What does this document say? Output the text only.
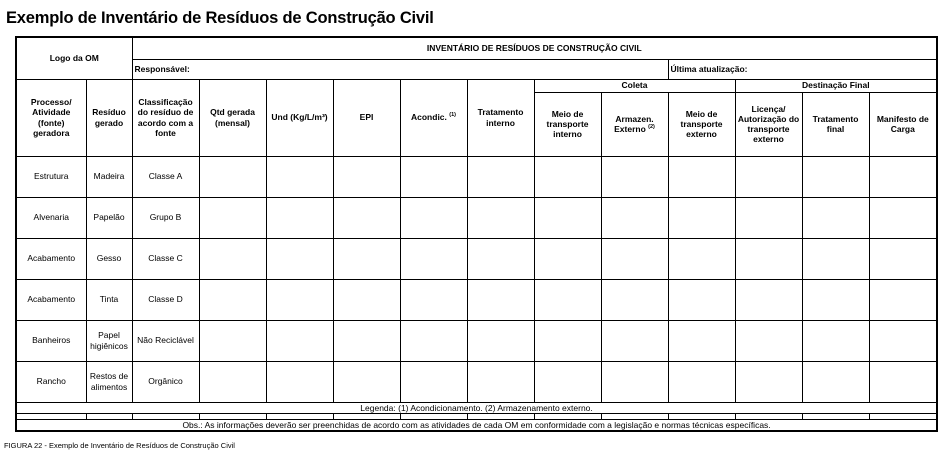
Exemplo de Inventário de Resíduos de Construção Civil
Logo da OM		INVENTÁRIO DE RESÍDUOS DE CONSTRUÇÃO CIVIL											
		Responsável:								Última atualização:			
Processo/ Atividade (fonte) geradora	Resíduo gerado	Classificação do resíduo de acordo com a fonte	Qtd gerada (mensal)	Und (Kg/L/m³)	EPI	Acondic. $^{(1)}$	Tratamento interno	Coleta			Destinação Final		
								Meio de transporte interno	Armazen. Externo $^{(2)}$	Meio de transporte externo	Licença/ Autorização do transporte externo	Tratamento final	Manifesto de Carga
Estrutura	Madeira	Classe A											
Alvenaria	Papelão	Grupo B											
Acabamento	Gesso	Classe C											
Acabamento	Tinta	Classe D											
Banheiros	Papel higiênicos	Não Reciclável											
Rancho	Restos de alimentos	Orgânico											
Legenda: (1) Acondicionamento. (2) Armazenamento externo.													

Obs.: As informações deverão ser preenchidas de acordo com as atividades de cada OM em conformidade com a legislação e normas técnicas específicas.													
FIGURA 22 - Exemplo de Inventário de Resíduos de Construção Civil
